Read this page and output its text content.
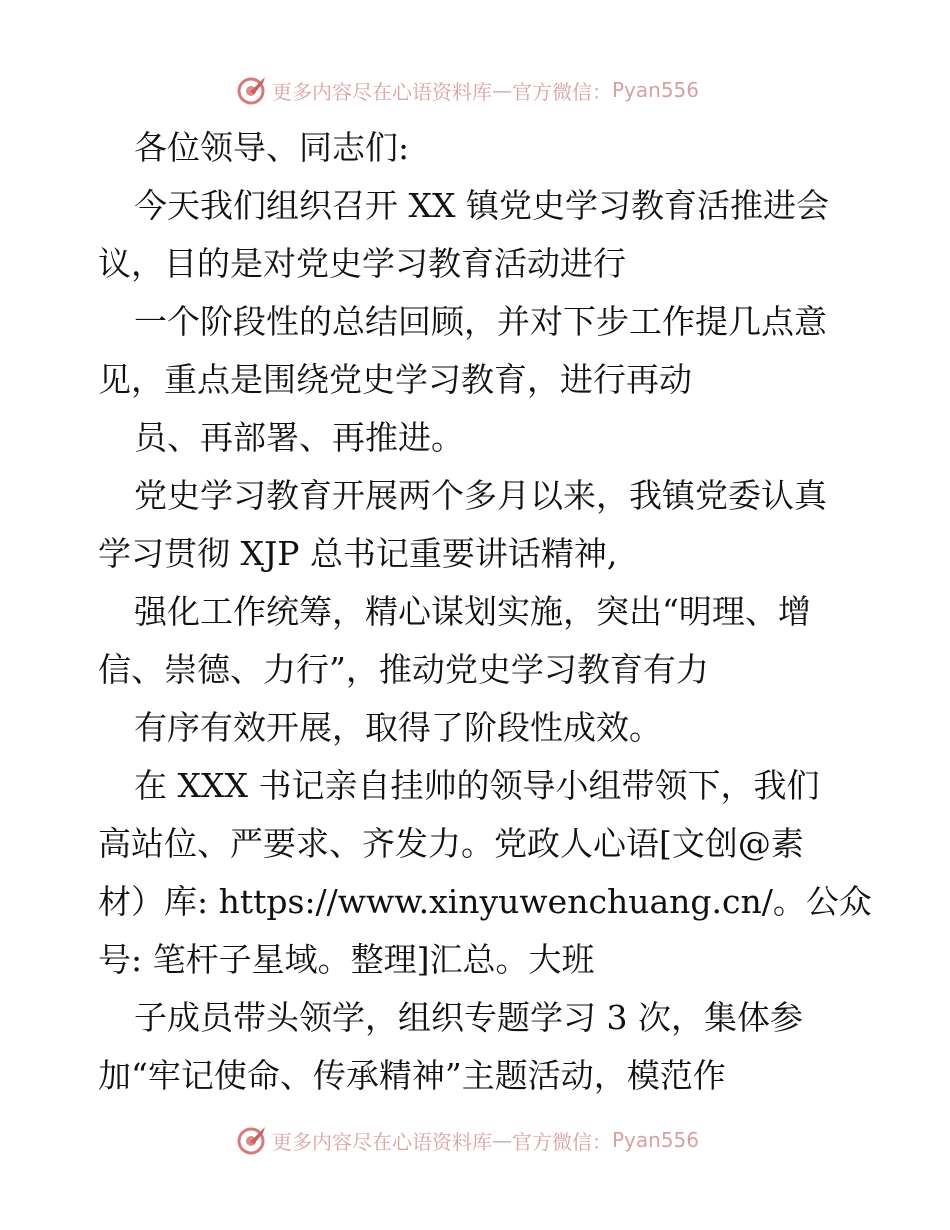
更多内容尽在心语资料库 — 官方微信： Pyan556
各位领导、同志们:
今天我们组织召开 XX 镇党史学习教育活推进会
议，目的是对党史学习教育活动进行
一个阶段性的总结回顾，并对下步工作提几点意
见，重点是围绕党史学习教育，进行再动
员、再部署、再推进。
党史学习教育开展两个多月以来，我镇党委认真
学习贯彻 XJP 总书记重要讲话精神,
强化工作统筹，精心谋划实施，突出“明理、增
信、崇德、力行”，推动党史学习教育有力
有序有效开展，取得了阶段性成效。
在 XXX 书记亲自挂帅的领导小组带领下，我们
高站位、严要求、齐发力。党政人心语[文创@素
材）库: https://www.xinyuwenchuang.cn/。公众
号: 笔杆子星域。整理]汇总。大班
子成员带头领学，组织专题学习 3 次，集体参
加“牢记使命、传承精神”主题活动，模范作
更多内容尽在心语资料库 — 官方微信： Pyan556
